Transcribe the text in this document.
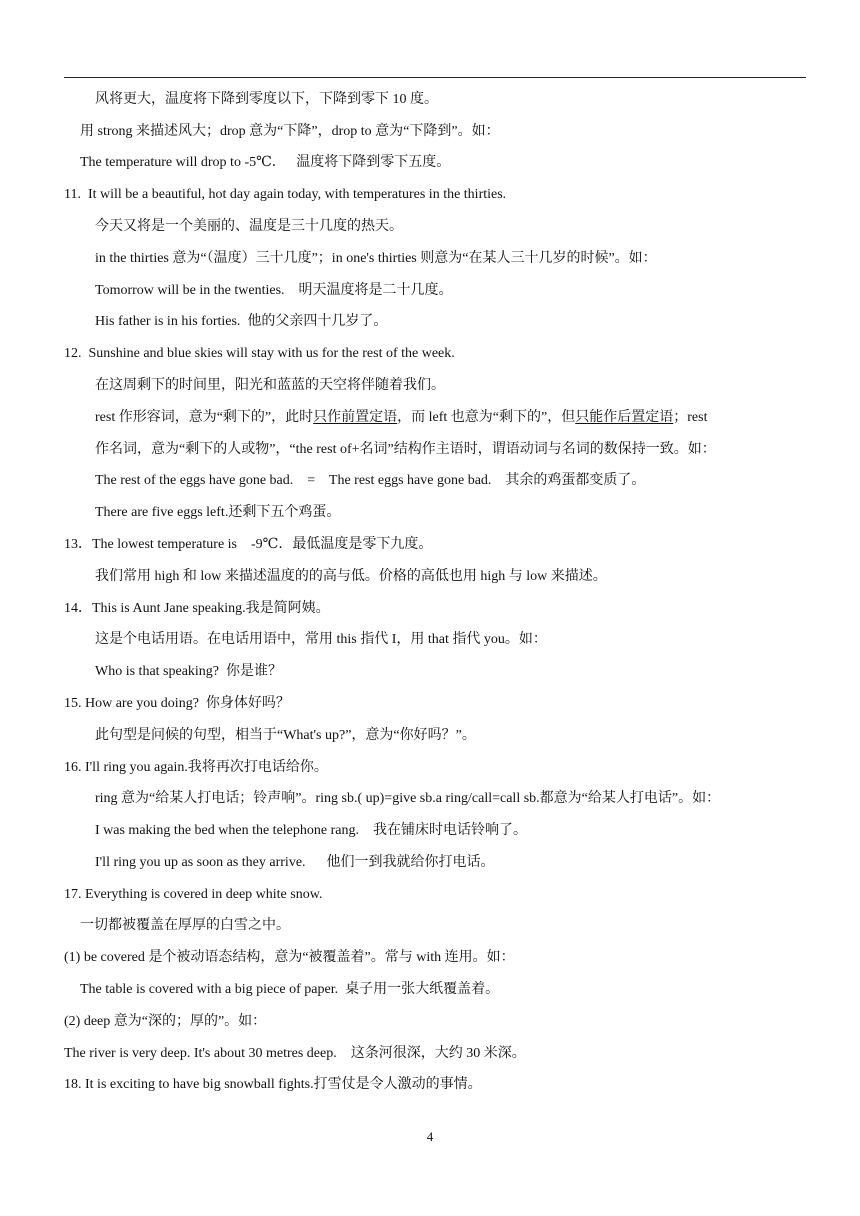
风将更大，温度将下降到零度以下，下降到零下 10 度。
用 strong 来描述风大；drop 意为“下降”，drop to 意为“下降到”。如：
The temperature will drop to -5℃．   温度将下降到零下五度。
11.  It will be a beautiful, hot day again today, with temperatures in the thirties.
今天又将是一个美丽的、温度是三十几度的热天。
in the thirties 意为“（温度）三十几度”；in one's thirties 则意为“在某人三十几岁的时候”。如：
Tomorrow will be in the twenties.    明天温度将是二十几度。
His father is in his forties.  他的父亲四十几岁了。
12.  Sunshine and blue skies will stay with us for the rest of the week.
在这周剩下的时间里，阳光和蓝蓝的天空将伴随着我们。
rest 作形容词，意为“剩下的”，此时只作前置定语，而 left 也意为“剩下的”，但只能作后置定语；rest
作名词，意为“剩下的人或物”，“the rest of+名词”结构作主语时，谓语动词与名词的数保持一致。如：
The rest of the eggs have gone bad.    =    The rest eggs have gone bad.    其余的鸡蛋都变质了。
There are five eggs left.还剩下五个鸡蛋。
13．The lowest temperature is    -9℃．最低温度是零下九度。
我们常用 high 和 low 来描述温度的的高与低。价格的高低也用 high 与 low 来描述。
14．This is Aunt Jane speaking.我是简阿姨。
这是个电话用语。在电话用语中，常用 this 指代 I，用 that 指代 you。如：
Who is that speaking?  你是谁？
15. How are you doing?  你身体好吗？
此句型是问候的句型，相当于“What's up?”，意为“你好吗？”。
16. I'll ring you again.我将再次打电话给你。
ring 意为“给某人打电话；铃声响”。ring sb.( up)=give sb.a ring/call=call sb.都意为“给某人打电话”。如：
I was making the bed when the telephone rang.    我在铺床时电话铃响了。
I'll ring you up as soon as they arrive.      他们一到我就给你打电话。
17. Everything is covered in deep white snow.
一切都被覆盖在厚厚的白雪之中。
(1) be covered 是个被动语态结构，意为“被覆盖着”。常与 with 连用。如：
The table is covered with a big piece of paper.  桌子用一张大纸覆盖着。
(2) deep 意为“深的；厚的”。如：
The river is very deep. It's about 30 metres deep.    这条河很深，大约 30 米深。
18. It is exciting to have big snowball fights.打雪仗是令人激动的事情。
4
